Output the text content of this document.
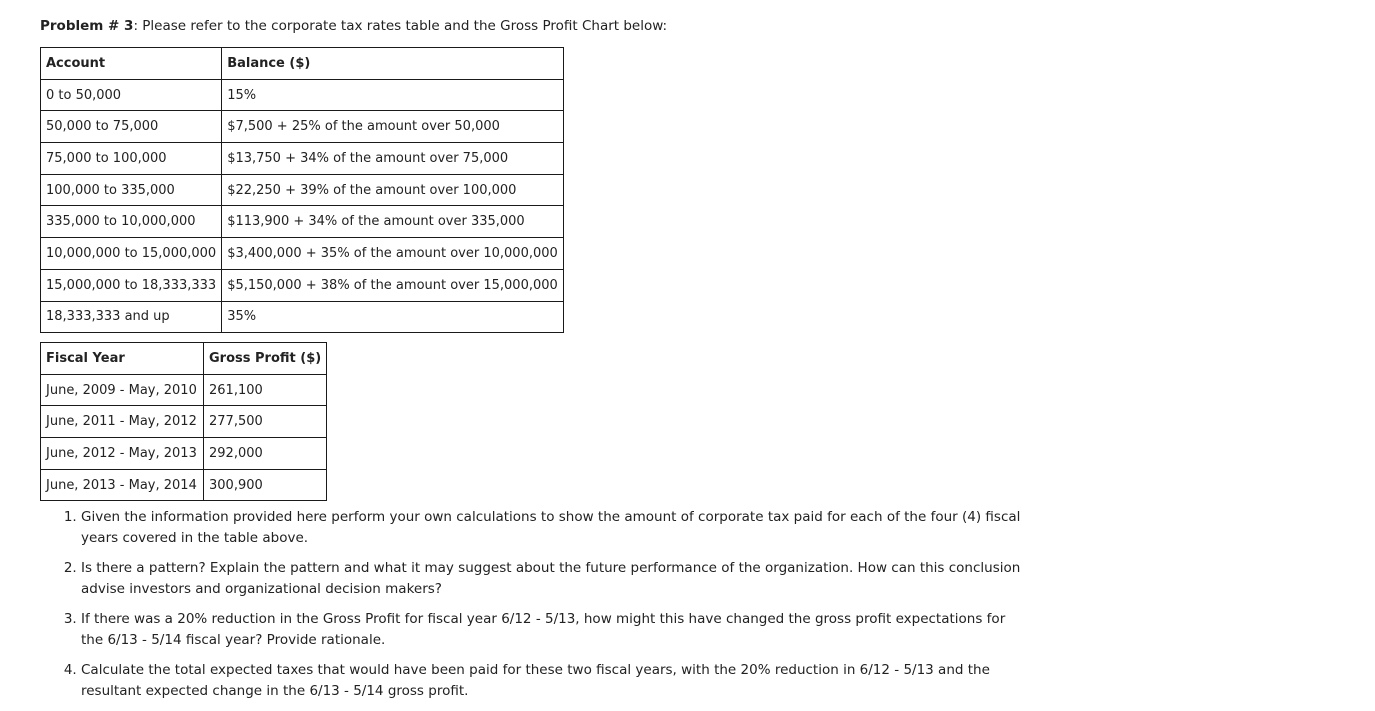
Problem # 3: Please refer to the corporate tax rates table and the Gross Profit Chart below:
Account	Balance ($)
0 to 50,000	15%
50,000 to 75,000	$7,500 + 25% of the amount over 50,000
75,000 to 100,000	$13,750 + 34% of the amount over 75,000
100,000 to 335,000	$22,250 + 39% of the amount over 100,000
335,000 to 10,000,000	$113,900 + 34% of the amount over 335,000
10,000,000 to 15,000,000	$3,400,000 + 35% of the amount over 10,000,000
15,000,000 to 18,333,333	$5,150,000 + 38% of the amount over 15,000,000
18,333,333 and up	35%
Fiscal Year	Gross Profit ($)
June, 2009 - May, 2010	261,100
June, 2011 - May, 2012	277,500
June, 2012 - May, 2013	292,000
June, 2013 - May, 2014	300,900
1. Given the information provided here perform your own calculations to show the amount of corporate tax paid for each of the four (4) fiscal years covered in the table above.
2. Is there a pattern? Explain the pattern and what it may suggest about the future performance of the organization. How can this conclusion advise investors and organizational decision makers?
3. If there was a 20% reduction in the Gross Profit for fiscal year 6/12 - 5/13, how might this have changed the gross profit expectations for the 6/13 - 5/14 fiscal year? Provide rationale.
4. Calculate the total expected taxes that would have been paid for these two fiscal years, with the 20% reduction in 6/12 - 5/13 and the resultant expected change in the 6/13 - 5/14 gross profit.
